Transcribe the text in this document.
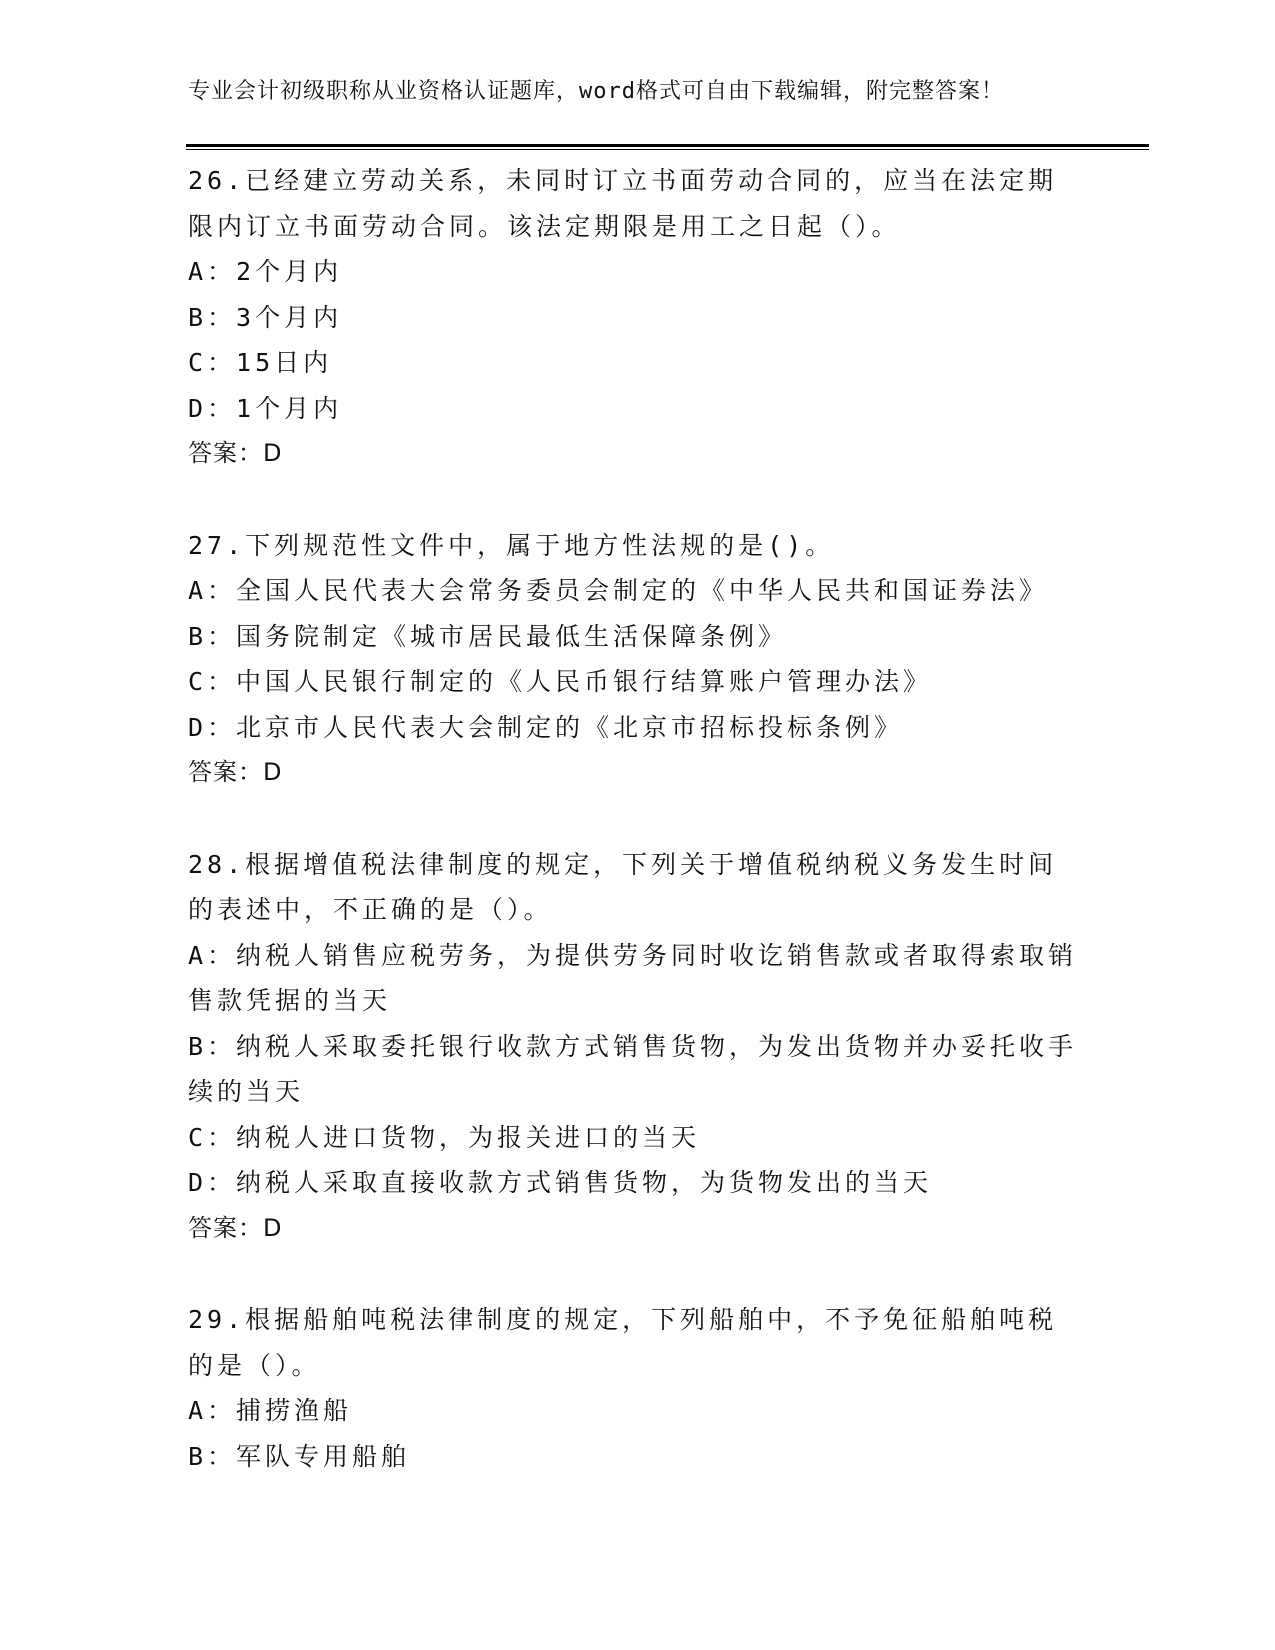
专业会计初级职称从业资格认证题库，word格式可自由下载编辑，附完整答案！
26.已经建立劳动关系，未同时订立书面劳动合同的，应当在法定期限内订立书面劳动合同。该法定期限是用工之日起（）。
A：2个月内
B：3个月内
C：15日内
D：1个月内
答案：D
27.下列规范性文件中，属于地方性法规的是()。
A：全国人民代表大会常务委员会制定的《中华人民共和国证券法》
B：国务院制定《城市居民最低生活保障条例》
C：中国人民银行制定的《人民币银行结算账户管理办法》
D：北京市人民代表大会制定的《北京市招标投标条例》
答案：D
28.根据增值税法律制度的规定，下列关于增值税纳税义务发生时间的表述中，不正确的是（）。
A：纳税人销售应税劳务，为提供劳务同时收讫销售款或者取得索取销售款凭据的当天
B：纳税人采取委托银行收款方式销售货物，为发出货物并办妥托收手续的当天
C：纳税人进口货物，为报关进口的当天
D：纳税人采取直接收款方式销售货物，为货物发出的当天
答案：D
29.根据船舶吨税法律制度的规定，下列船舶中，不予免征船舶吨税的是（）。
A：捕捞渔船
B：军队专用船舶
